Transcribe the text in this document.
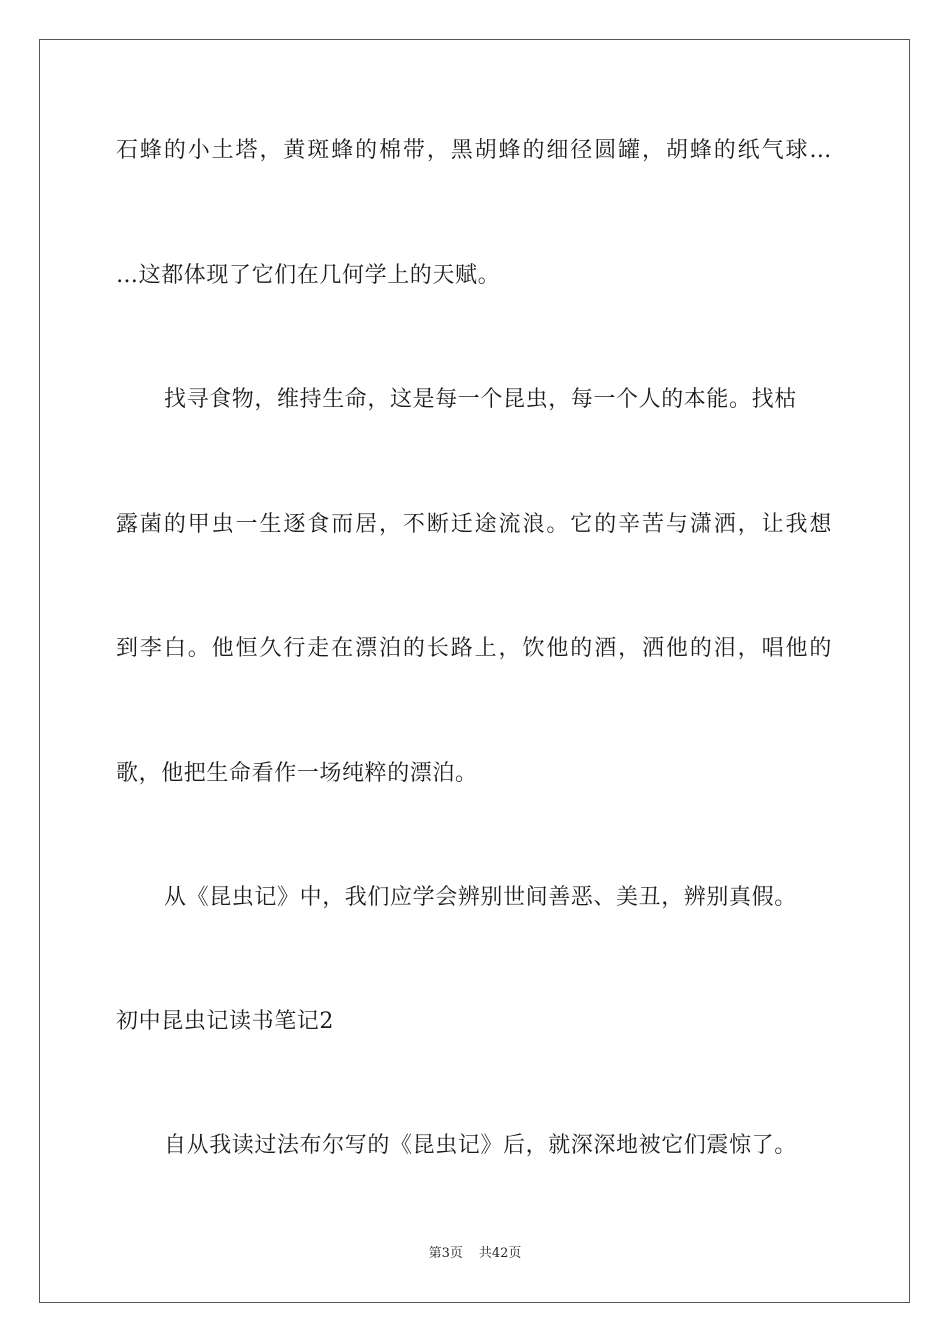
石蜂的小土塔，黄斑蜂的棉带，黑胡蜂的细径圆罐，胡蜂的纸气球…
…这都体现了它们在几何学上的天赋。
找寻食物，维持生命，这是每一个昆虫，每一个人的本能。找枯
露菌的甲虫一生逐食而居，不断迁途流浪。它的辛苦与潇洒，让我想
到李白。他恒久行走在漂泊的长路上，饮他的酒，洒他的泪，唱他的
歌，他把生命看作一场纯粹的漂泊。
从《昆虫记》中，我们应学会辨别世间善恶、美丑，辨别真假。
初中昆虫记读书笔记2
自从我读过法布尔写的《昆虫记》后，就深深地被它们震惊了。
第3页 共42页
